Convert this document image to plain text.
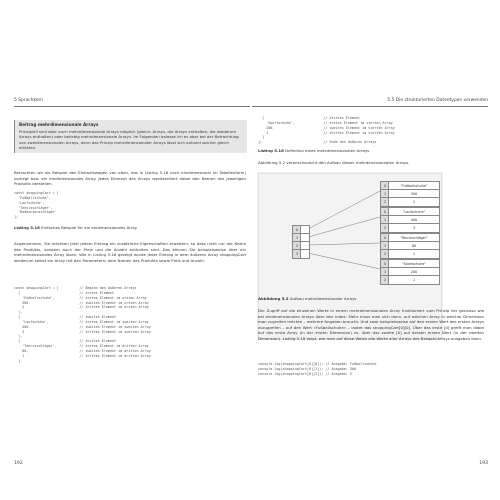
5 Sprachkern
Beitrag mehrdimensionale Arrays
Prinzipiell sind aber auch mehrdimensionale Arrays möglich (gleich: Arrays, die Arrays enthalten, die wiederum Arrays enthalten) oder beliebig mehrdimensionale Arrays. Im Folgenden belasse ich es aber bei der Betrachtung von zweidimensionalen Arrays, denn das Prinzip mehrdimensionaler Arrays lässt sich anhand solcher gleich erklären.
Betrachten wir als Beispiel den Einkaufswagen von eben, das in Listing 5.16 noch eindimensional (in Tabellenform) vorliegt bzw. ein eindimensionales Array. Jedes Element des Arrays repräsentiert dabei den Namen des jeweiligen Produkts darstellen.
const shoppingCart = [
'Fußballschuhe',
'Laufschuhe',
'Tennisschläger',
'Badmintonschläger'
];
Listing 5.16 Einfaches Beispiel für ein eindimensionales Array
Angenommen, Sie möchten jetzt jedem Eintrag ein zusätzliche Eigenschaften erweitern, so dass nicht nur der Name des Produkts, sondern auch der Preis und die Anzahl enthalten sind. Das können Sie beispielsweise über ein mehrdimensionales Array lösen. Wie in Listing 5.16 gezeigt wurde jeder Eintrag in dem äußeren Array shoppingCart wiederum selbst ein Array mit den Parametern: dem Namen des Produkts sowie Preis und Anzahl.
const shoppingCart = [          // Beginn des äußeren Arrays
[                             // erstes Element
'Fußballschuhe',            // erstes Element im ersten Array
300,                        // zweites Element im ersten Array
2                           // drittes Element im ersten Array
],
[                             // zweites Element
'Laufschuhe',               // erstes Element im zweiten Array
400,                        // zweites Element im zweiten Array
3                           // drittes Element im zweiten Array
],
[                             // drittes Element
'Tennisschläger',           // erstes Element im dritten Array
80,                         // zweites Element im dritten Array
1                           // drittes Element im dritten Array
]
192
5.5 Die strukturierten Datentypen verwenden
[                             // drittes Element
'Sportschuhe',              // erstes Element im vierten Array
200,                        // zweites Element im vierten Array
1                           // drittes Element im vierten Array
]
];                              // Ende des äußeren Arrays
Listing 5.16 Definition eines mehrdimensionalen Arrays
Abbildung 5.2 veranschaulicht den Aufbau dieses mehrdimensionalen Arrays.
0
1
2
3
0	"Fußballschuhe"
1	300
2	2
0	"Laufschuhe"
1	400
2	3
0	"Tennisschläger"
1	80
2	1
0	"Sportschuhe"
1	200
2	1
Abbildung 5.2 Aufbau mehrdimensionaler Arrays
Der Zugriff auf die einzelnen Werte in einem mehrdimensionalen Array funktioniert vom Prinzip her genauso wie bei eindimensionalen Arrays über den Index. Mehr muss man sich dann, auf welchen Array in welcher Dimension man zugreifen möchte – mehrere Angaben braucht. Und zwar beispielsweise auf den ersten Wert des ersten Arrays zuzugreifen – auf den Wert »Fußballschuhe« – lautet das shoppingCart[0][0]. Über das erste [0] greift man dabei auf das erste Array (in der ersten Dimension) zu, über das zweite [0] auf dessen ersten Wert (in der zweiten Dimension). Listing 5.18 zeigt, wie man auf diese Weise alle Werte aller Arrays des Beispiel-Arrays ausgeben kann.
console.log(shoppingCart[0][0]); // Ausgabe: Fußballschuhe
console.log(shoppingCart[0][1]); // Ausgabe: 300
console.log(shoppingCart[0][2]); // Ausgabe: 2
193
